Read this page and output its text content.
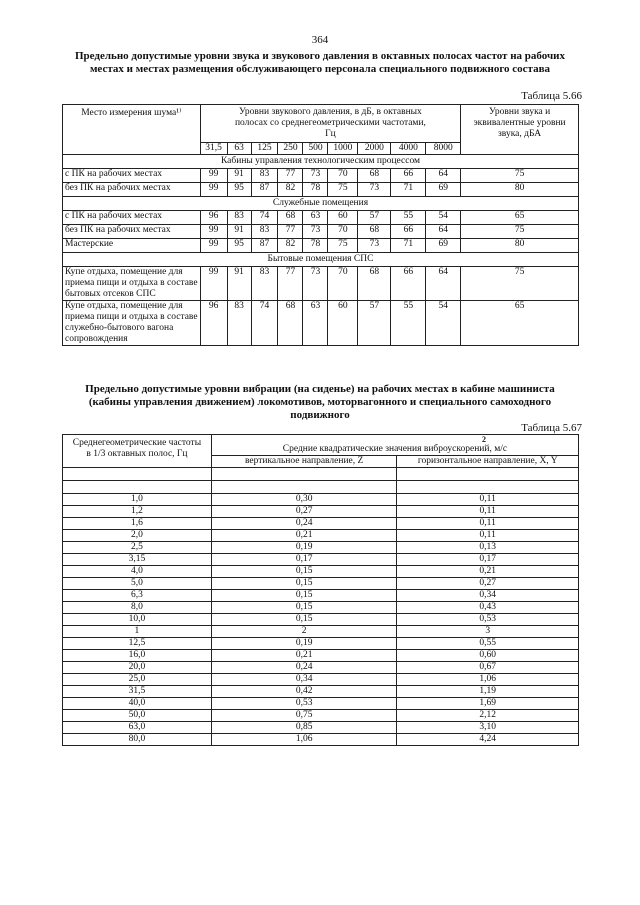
364
Предельно допустимые уровни звука и звукового давления в октавных полосах частот на рабочих местах и местах размещения обслуживающего персонала специального подвижного состава
Таблица 5.66
Место измерения шума¹⁾	Уровни звукового давления, в дБ, в октавных полосах со среднегеометрическими частотами, Гц									Уровни звука и эквивалентные уровни звука, дБА
	31,5	63	125	250	500	1000	2000	4000	8000	
Кабины управления технологическим процессом										
с ПК на рабочих местах	99	91	83	77	73	70	68	66	64	75
без ПК на рабочих местах	99	95	87	82	78	75	73	71	69	80
Служебные помещения										
с ПК на рабочих местах	96	83	74	68	63	60	57	55	54	65
без ПК на рабочих местах	99	91	83	77	73	70	68	66	64	75
Мастерские	99	95	87	82	78	75	73	71	69	80
Бытовые помещения СПС										
Купе отдыха, помещение для приема пищи и отдыха в составе бытовых отсеков СПС	99	91	83	77	73	70	68	66	64	75
Купе отдыха, помещение для приема пищи и отдыха в составе служебно-бытового вагона сопровождения	96	83	74	68	63	60	57	55	54	65
Предельно допустимые уровни вибрации (на сиденье) на рабочих местах в кабине машиниста (кабины управления движением) локомотивов, моторвагонного и специального самоходного подвижного
Таблица 5.67
Среднегеометрические частоты в 1/3 октавных полос, Гц	2
Средние квадратические значения виброускорений, м/с	

	вертикальное направление, Z	горизонтальное направление, X, Y

1,0	0,30	0,11
1,2	0,27	0,11
1,6	0,24	0,11
2,0	0,21	0,11
2,5	0,19	0,13
3,15	0,17	0,17
4,0	0,15	0,21
5,0	0,15	0,27
6,3	0,15	0,34
8,0	0,15	0,43
10,0	0,15	0,53
1	2	3
12,5	0,19	0,55
16,0	0,21	0,60
20,0	0,24	0,67
25,0	0,34	1,06
31,5	0,42	1,19
40,0	0,53	1,69
50,0	0,75	2,12
63,0	0,85	3,10
80,0	1,06	4,24
